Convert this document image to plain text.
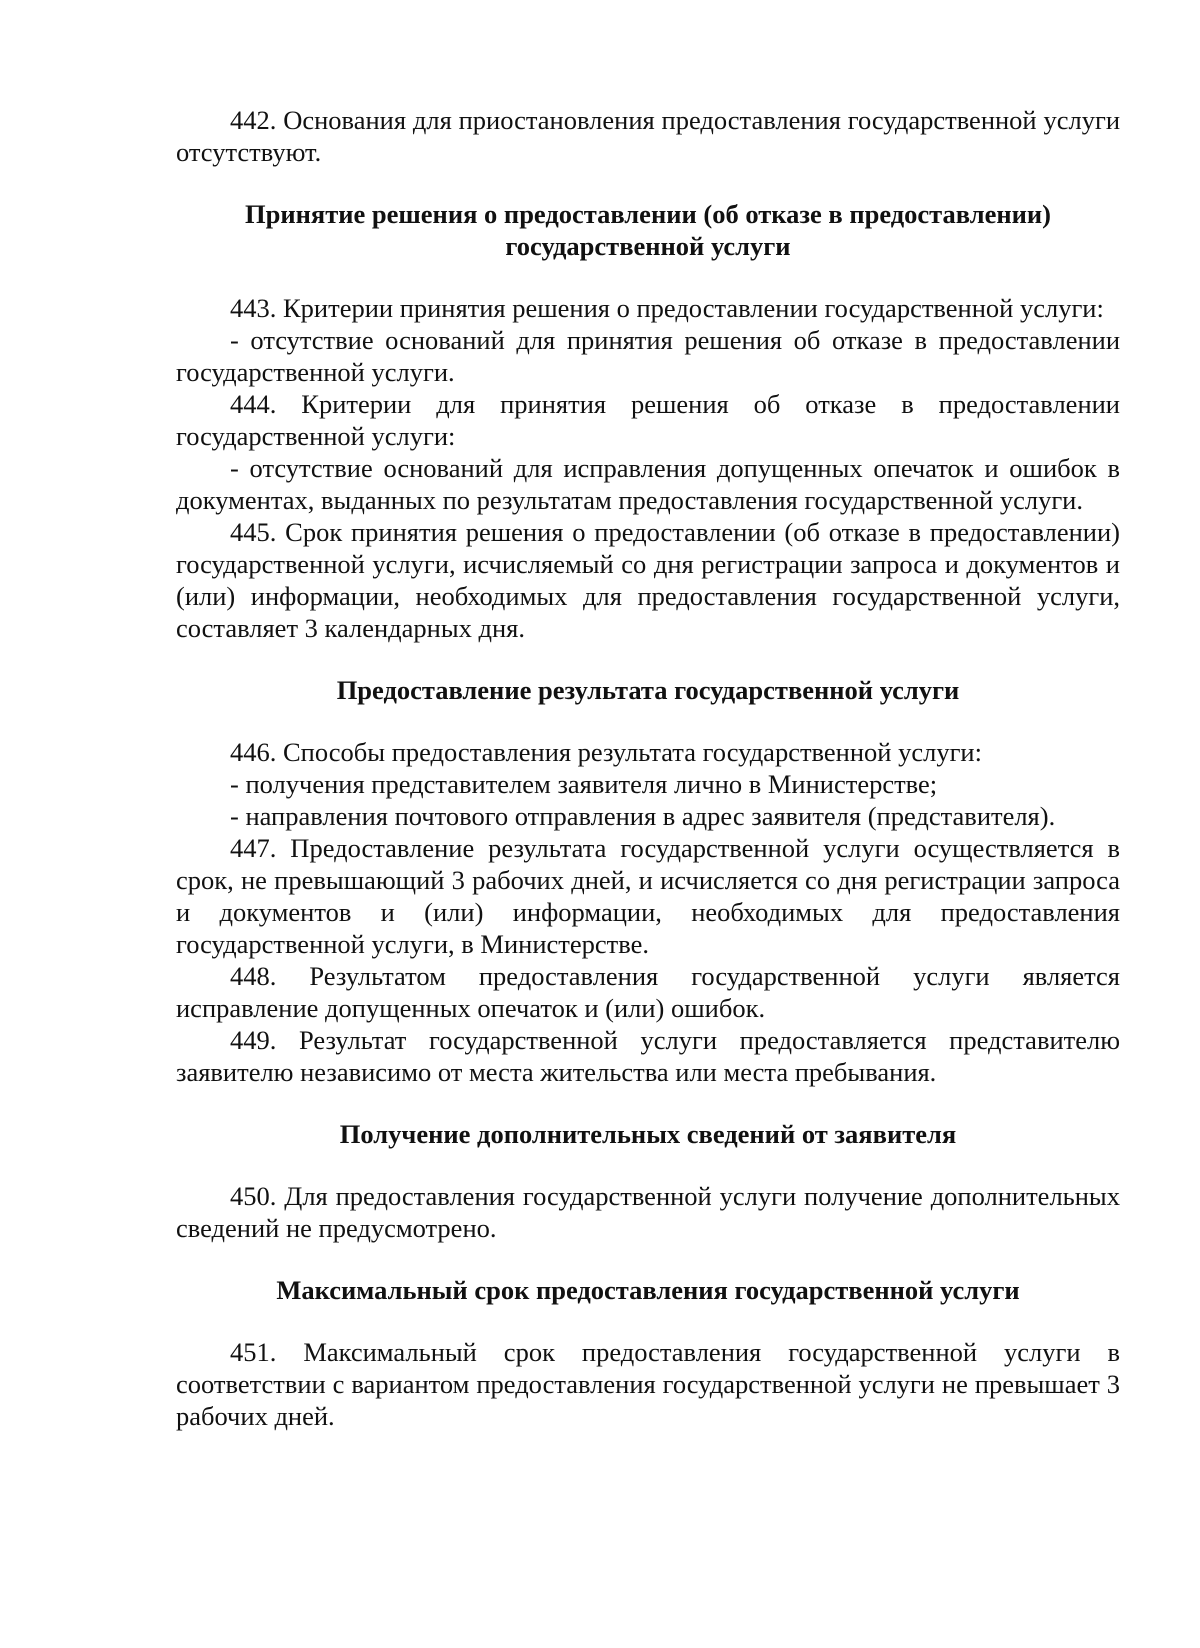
442. Основания для приостановления предоставления государственной услуги отсутствуют.

Принятие решения о предоставлении (об отказе в предоставлении) государственной услуги

443. Критерии принятия решения о предоставлении государственной услуги:

- отсутствие оснований для принятия решения об отказе в предоставлении государственной услуги.

444. Критерии для принятия решения об отказе в предоставлении государственной услуги:

- отсутствие оснований для исправления допущенных опечаток и ошибок в документах, выданных по результатам предоставления государственной услуги.

445. Срок принятия решения о предоставлении (об отказе в предоставлении) государственной услуги, исчисляемый со дня регистрации запроса и документов и (или) информации, необходимых для предоставления государственной услуги, составляет 3 календарных дня.

Предоставление результата государственной услуги

446. Способы предоставления результата государственной услуги:

- получения представителем заявителя лично в Министерстве;

- направления почтового отправления в адрес заявителя (представителя).

447. Предоставление результата государственной услуги осуществляется в срок, не превышающий 3 рабочих дней, и исчисляется со дня регистрации запроса и документов и (или) информации, необходимых для предоставления государственной услуги, в Министерстве.

448. Результатом предоставления государственной услуги является исправление допущенных опечаток и (или) ошибок.

449. Результат государственной услуги предоставляется представителю заявителю независимо от места жительства или места пребывания.

Получение дополнительных сведений от заявителя

450. Для предоставления государственной услуги получение дополнительных сведений не предусмотрено.

Максимальный срок предоставления государственной услуги

451. Максимальный срок предоставления государственной услуги в соответствии с вариантом предоставления государственной услуги не превышает 3 рабочих дней.
